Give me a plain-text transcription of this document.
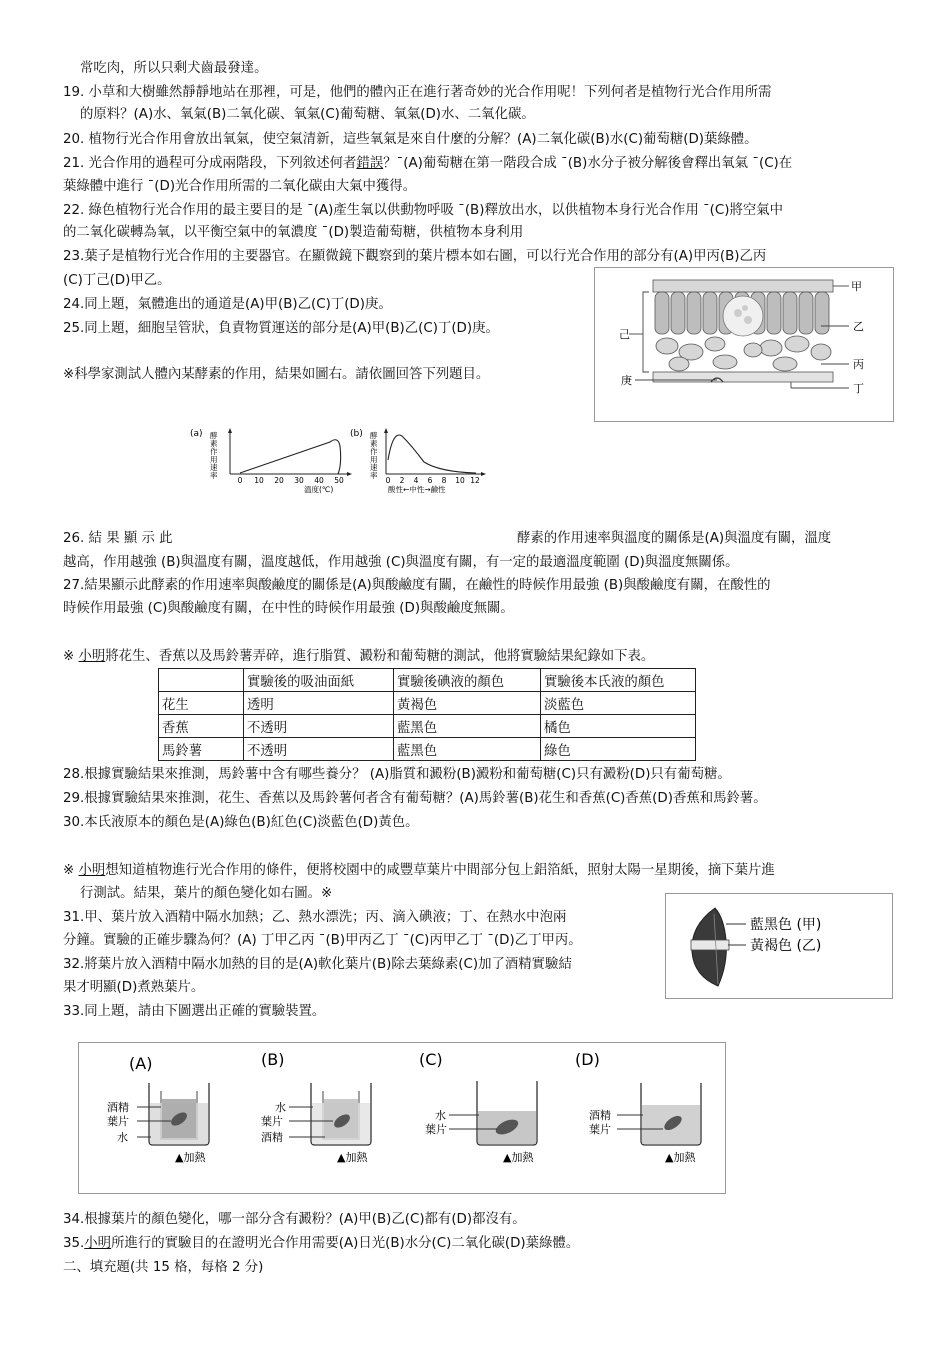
常吃肉，所以只剩犬齒最發達。
19. 小草和大樹雖然靜靜地站在那裡，可是，他們的體內正在進行著奇妙的光合作用呢！下列何者是植物行光合作用所需
的原料？(A)水、氧氣(B)二氧化碳、氧氣(C)葡萄糖、氧氣(D)水、二氧化碳。
20. 植物行光合作用會放出氧氣，使空氣清新，這些氧氣是來自什麼的分解？(A)二氧化碳(B)水(C)葡萄糖(D)葉綠體。
21. 光合作用的過程可分成兩階段，下列敘述何者錯誤？¯(A)葡萄糖在第一階段合成 ¯(B)水分子被分解後會釋出氧氣 ¯(C)在
葉綠體中進行 ¯(D)光合作用所需的二氧化碳由大氣中獲得。
22. 綠色植物行光合作用的最主要目的是 ¯(A)產生氧以供動物呼吸 ¯(B)釋放出水，以供植物本身行光合作用 ¯(C)將空氣中
的二氧化碳轉為氧，以平衡空氣中的氧濃度 ¯(D)製造葡萄糖，供植物本身利用
23.葉子是植物行光合作用的主要器官。在顯微鏡下觀察到的葉片標本如右圖，可以行光合作用的部分有(A)甲丙(B)乙丙
(C)丁己(D)甲乙。
24.同上題，氣體進出的通道是(A)甲(B)乙(C)丁(D)庚。
25.同上題，細胞呈管狀，負責物質運送的部分是(A)甲(B)乙(C)丁(D)庚。
※科學家測試人體內某酵素的作用，結果如圖右。請依圖回答下列題目。
甲
乙
丙
丁
己
庚
(a) 酵
素
作
用
速
率
0 10 20 30 40 50
溫度(℃)
(b) 酵
素
作
用
速
率
0 2 4 6 8 10 12
酸性←中性→鹼性
26. 結 果 顯 示 此	酵素的作用速率與溫度的關係是(A)與溫度有關，溫度
越高，作用越強 (B)與溫度有關，溫度越低，作用越強 (C)與溫度有關，有一定的最適溫度範圍 (D)與溫度無關係。
27.結果顯示此酵素的作用速率與酸鹼度的關係是(A)與酸鹼度有關，在鹼性的時候作用最強 (B)與酸鹼度有關，在酸性的
時候作用最強 (C)與酸鹼度有關，在中性的時候作用最強 (D)與酸鹼度無關。
※ 小明將花生、香蕉以及馬鈴薯弄碎，進行脂質、澱粉和葡萄糖的測試，他將實驗結果紀錄如下表。
	實驗後的吸油面紙	實驗後碘液的顏色	實驗後本氏液的顏色
花生	透明	黃褐色	淡藍色
香蕉	不透明	藍黑色	橘色
馬鈴薯	不透明	藍黑色	綠色
28.根據實驗結果來推測，馬鈴薯中含有哪些養分？ (A)脂質和澱粉(B)澱粉和葡萄糖(C)只有澱粉(D)只有葡萄糖。
29.根據實驗結果來推測，花生、香蕉以及馬鈴薯何者含有葡萄糖？(A)馬鈴薯(B)花生和香蕉(C)香蕉(D)香蕉和馬鈴薯。
30.本氏液原本的顏色是(A)綠色(B)紅色(C)淡藍色(D)黃色。
※ 小明想知道植物進行光合作用的條件，便將校園中的咸豐草葉片中間部分包上鋁箔紙，照射太陽一星期後，摘下葉片進
行測試。結果，葉片的顏色變化如右圖。※
31.甲、葉片放入酒精中隔水加熱；乙、熱水漂洗；丙、滴入碘液；丁、在熱水中泡兩
分鐘。實驗的正確步驟為何？(A) 丁甲乙丙 ¯(B)甲丙乙丁 ¯(C)丙甲乙丁 ¯(D)乙丁甲丙。
32.將葉片放入酒精中隔水加熱的目的是(A)軟化葉片(B)除去葉綠素(C)加了酒精實驗結
果才明顯(D)煮熟葉片。
33.同上題，請由下圖選出正確的實驗裝置。
藍黑色 (甲)
黃褐色 (乙)
(A)
酒精
葉片
水
▲加熱
(B)
水
葉片
酒精
▲加熱
(C)
水
葉片
▲加熱
(D)
酒精
葉片
▲加熱
34.根據葉片的顏色變化，哪一部分含有澱粉？(A)甲(B)乙(C)都有(D)都沒有。
35.小明所進行的實驗目的在證明光合作用需要(A)日光(B)水分(C)二氧化碳(D)葉綠體。
二、填充題(共 15 格，每格 2 分)
